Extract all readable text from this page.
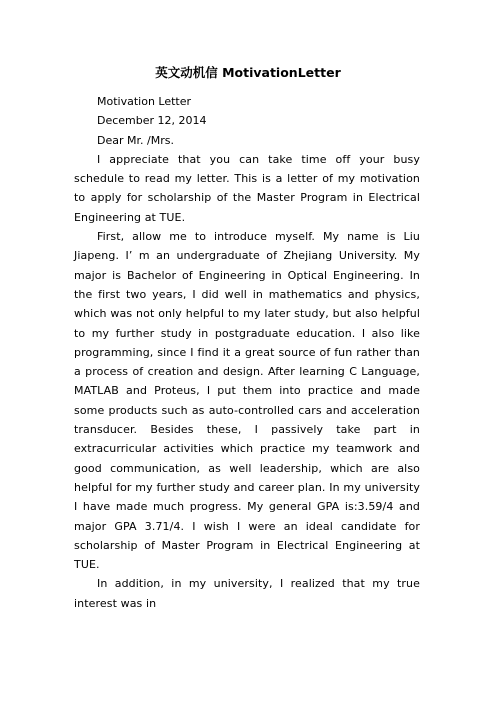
英文动机信 MotivationLetter

Motivation Letter

December 12, 2014

Dear Mr. /Mrs.

I appreciate that you can take time off your busy schedule to read my letter. This is a letter of my motivation to apply for scholarship of the Master Program in Electrical Engineering at TUE.

First, allow me to introduce myself. My name is Liu Jiapeng. I’ m an undergraduate of Zhejiang University. My major is Bachelor of Engineering in Optical Engineering. In the first two years, I did well in mathematics and physics, which was not only helpful to my later study, but also helpful to my further study in postgraduate education. I also like programming, since I find it a great source of fun rather than a process of creation and design. After learning C Language, MATLAB and Proteus, I put them into practice and made some products such as auto-controlled cars and acceleration transducer. Besides these, I passively take part in extracurricular activities which practice my teamwork and good communication, as well leadership, which are also helpful for my further study and career plan. In my university I have made much progress. My general GPA is:3.59/4 and major GPA 3.71/4. I wish I were an ideal candidate for scholarship of Master Program in Electrical Engineering at TUE.

In addition, in my university, I realized that my true interest was in
